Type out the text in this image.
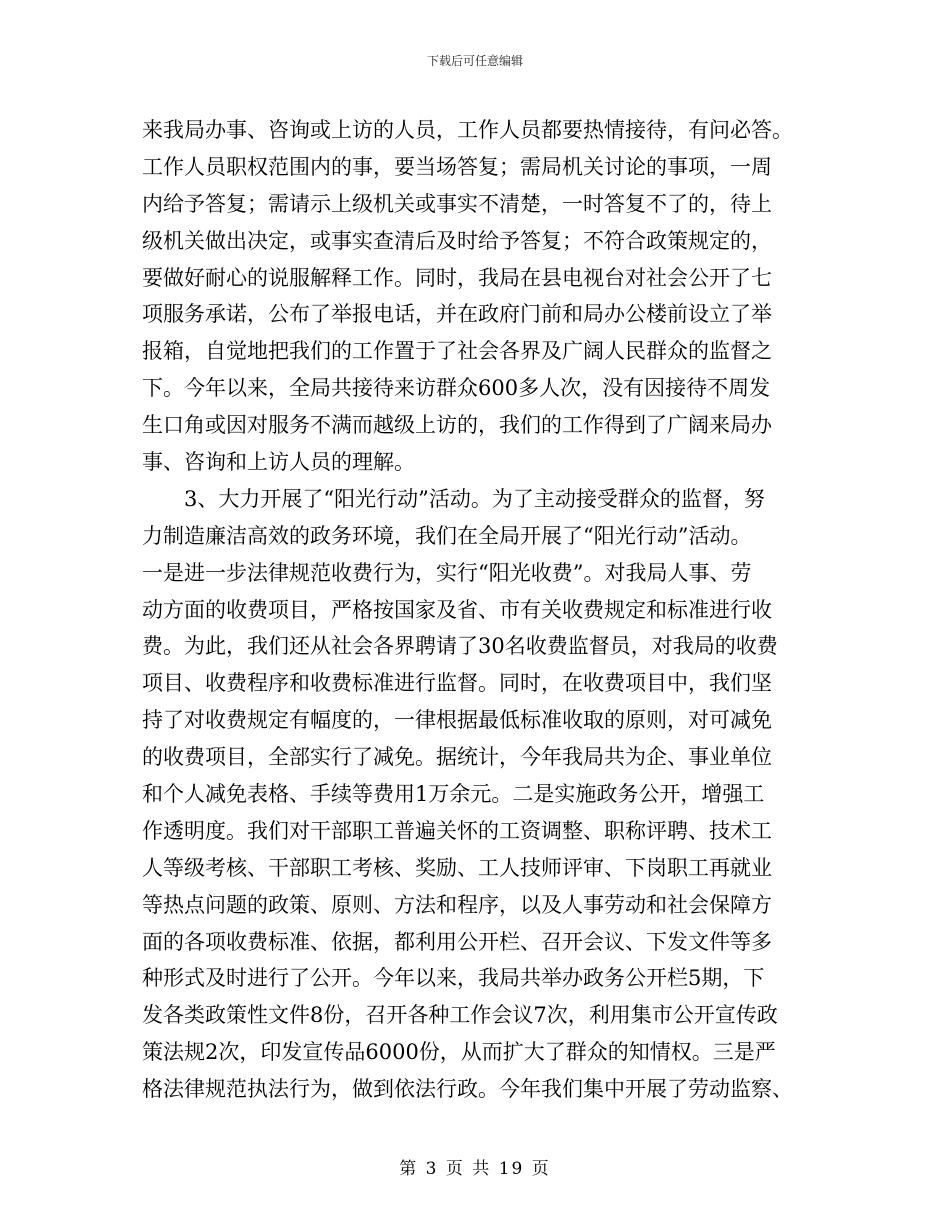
下载后可任意编辑
来我局办事、咨询或上访的人员，工作人员都要热情接待，有问必答。
工作人员职权范围内的事，要当场答复；需局机关讨论的事项，一周
内给予答复；需请示上级机关或事实不清楚，一时答复不了的，待上
级机关做出决定，或事实查清后及时给予答复；不符合政策规定的，
要做好耐心的说服解释工作。同时，我局在县电视台对社会公开了七
项服务承诺，公布了举报电话，并在政府门前和局办公楼前设立了举
报箱，自觉地把我们的工作置于了社会各界及广阔人民群众的监督之
下。今年以来，全局共接待来访群众600多人次，没有因接待不周发
生口角或因对服务不满而越级上访的，我们的工作得到了广阔来局办
事、咨询和上访人员的理解。
3、大力开展了“阳光行动”活动。为了主动接受群众的监督，努
力制造廉洁高效的政务环境，我们在全局开展了“阳光行动”活动。
一是进一步法律规范收费行为，实行“阳光收费”。对我局人事、劳
动方面的收费项目，严格按国家及省、市有关收费规定和标准进行收
费。为此，我们还从社会各界聘请了30名收费监督员，对我局的收费
项目、收费程序和收费标准进行监督。同时，在收费项目中，我们坚
持了对收费规定有幅度的，一律根据最低标准收取的原则，对可减免
的收费项目，全部实行了减免。据统计，今年我局共为企、事业单位
和个人减免表格、手续等费用1万余元。二是实施政务公开，增强工
作透明度。我们对干部职工普遍关怀的工资调整、职称评聘、技术工
人等级考核、干部职工考核、奖励、工人技师评审、下岗职工再就业
等热点问题的政策、原则、方法和程序，以及人事劳动和社会保障方
面的各项收费标准、依据，都利用公开栏、召开会议、下发文件等多
种形式及时进行了公开。今年以来，我局共举办政务公开栏5期，下
发各类政策性文件8份，召开各种工作会议7次，利用集市公开宣传政
策法规2次，印发宣传品6000份，从而扩大了群众的知情权。三是严
格法律规范执法行为，做到依法行政。今年我们集中开展了劳动监察、
第 3 页 共 19 页
